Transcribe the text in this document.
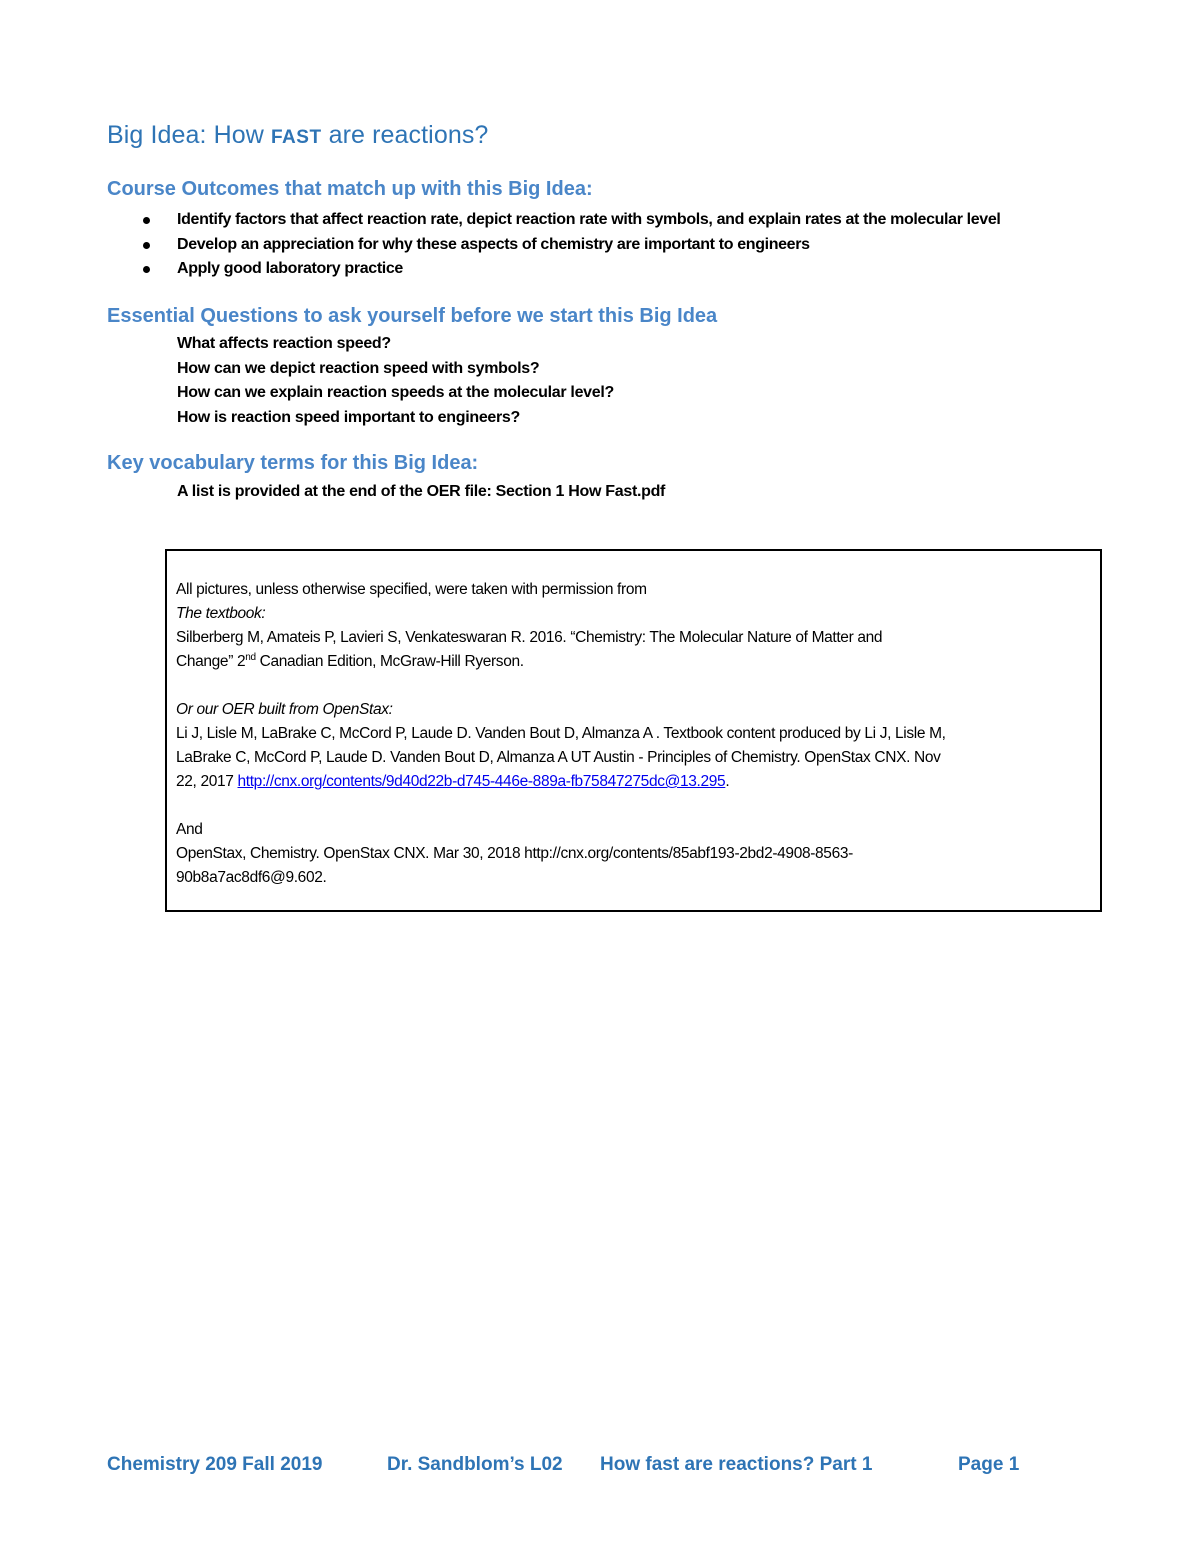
Big Idea: How FAST are reactions?
Course Outcomes that match up with this Big Idea:
Identify factors that affect reaction rate, depict reaction rate with symbols, and explain rates at the molecular level
Develop an appreciation for why these aspects of chemistry are important to engineers
Apply good laboratory practice
Essential Questions to ask yourself before we start this Big Idea
What affects reaction speed?
How can we depict reaction speed with symbols?
How can we explain reaction speeds at the molecular level?
How is reaction speed important to engineers?
Key vocabulary terms for this Big Idea:
A list is provided at the end of the OER file: Section 1 How Fast.pdf
All pictures, unless otherwise specified, were taken with permission from
The textbook:
Silberberg M, Amateis P, Lavieri S, Venkateswaran R. 2016. “Chemistry: The Molecular Nature of Matter and
Change” 2nd Canadian Edition, McGraw-Hill Ryerson.
Or our OER built from OpenStax:
Li J, Lisle M, LaBrake C, McCord P, Laude D. Vanden Bout D, Almanza A . Textbook content produced by Li J, Lisle M,
LaBrake C, McCord P, Laude D. Vanden Bout D, Almanza A UT Austin - Principles of Chemistry. OpenStax CNX. Nov
22, 2017 http://cnx.org/contents/9d40d22b-d745-446e-889a-fb75847275dc@13.295.
And
OpenStax, Chemistry. OpenStax CNX. Mar 30, 2018 http://cnx.org/contents/85abf193-2bd2-4908-8563-
90b8a7ac8df6@9.602.
Chemistry 209 Fall 2019	Dr. Sandblom’s L02 How fast are reactions? Part 1	Page 1
